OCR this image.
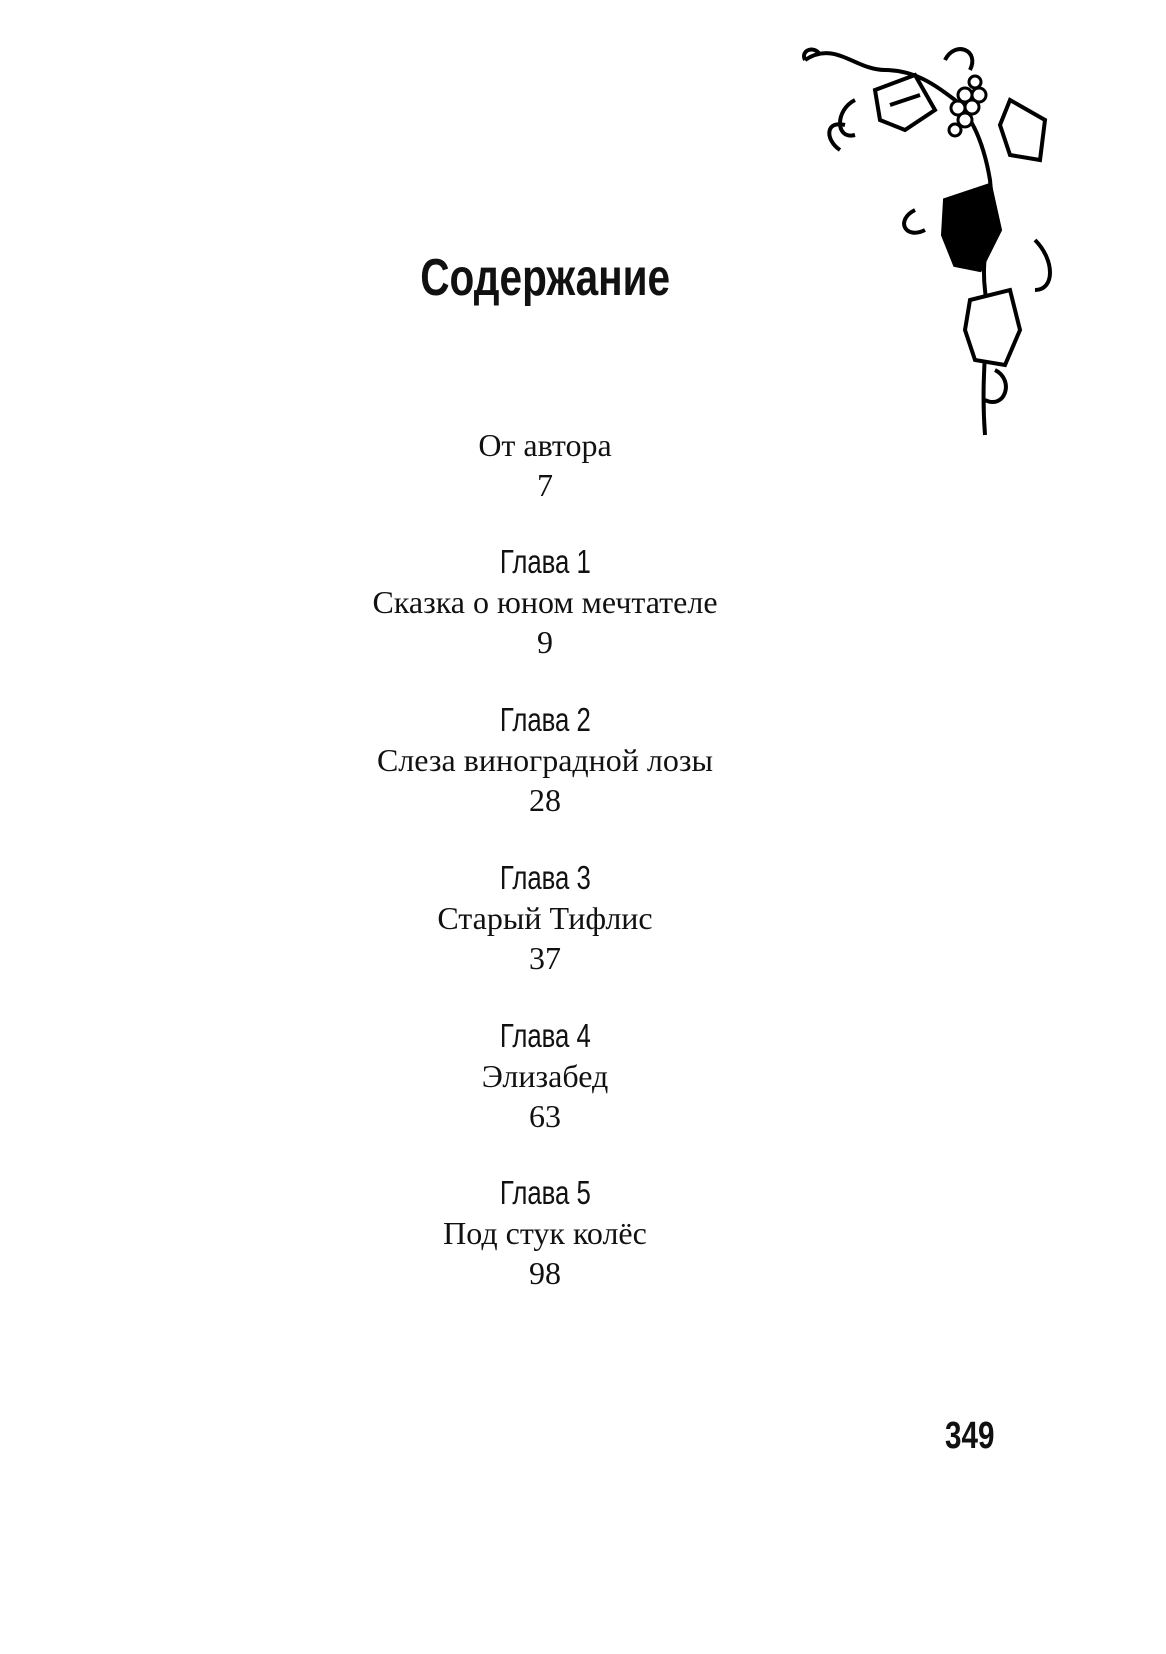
Содержание
От автора
7
Глава 1
Сказка о юном мечтателе
9
Глава 2
Слеза виноградной лозы
28
Глава 3
Старый Тифлис
37
Глава 4
Элизабед
63
Глава 5
Под стук колёс
98
349
